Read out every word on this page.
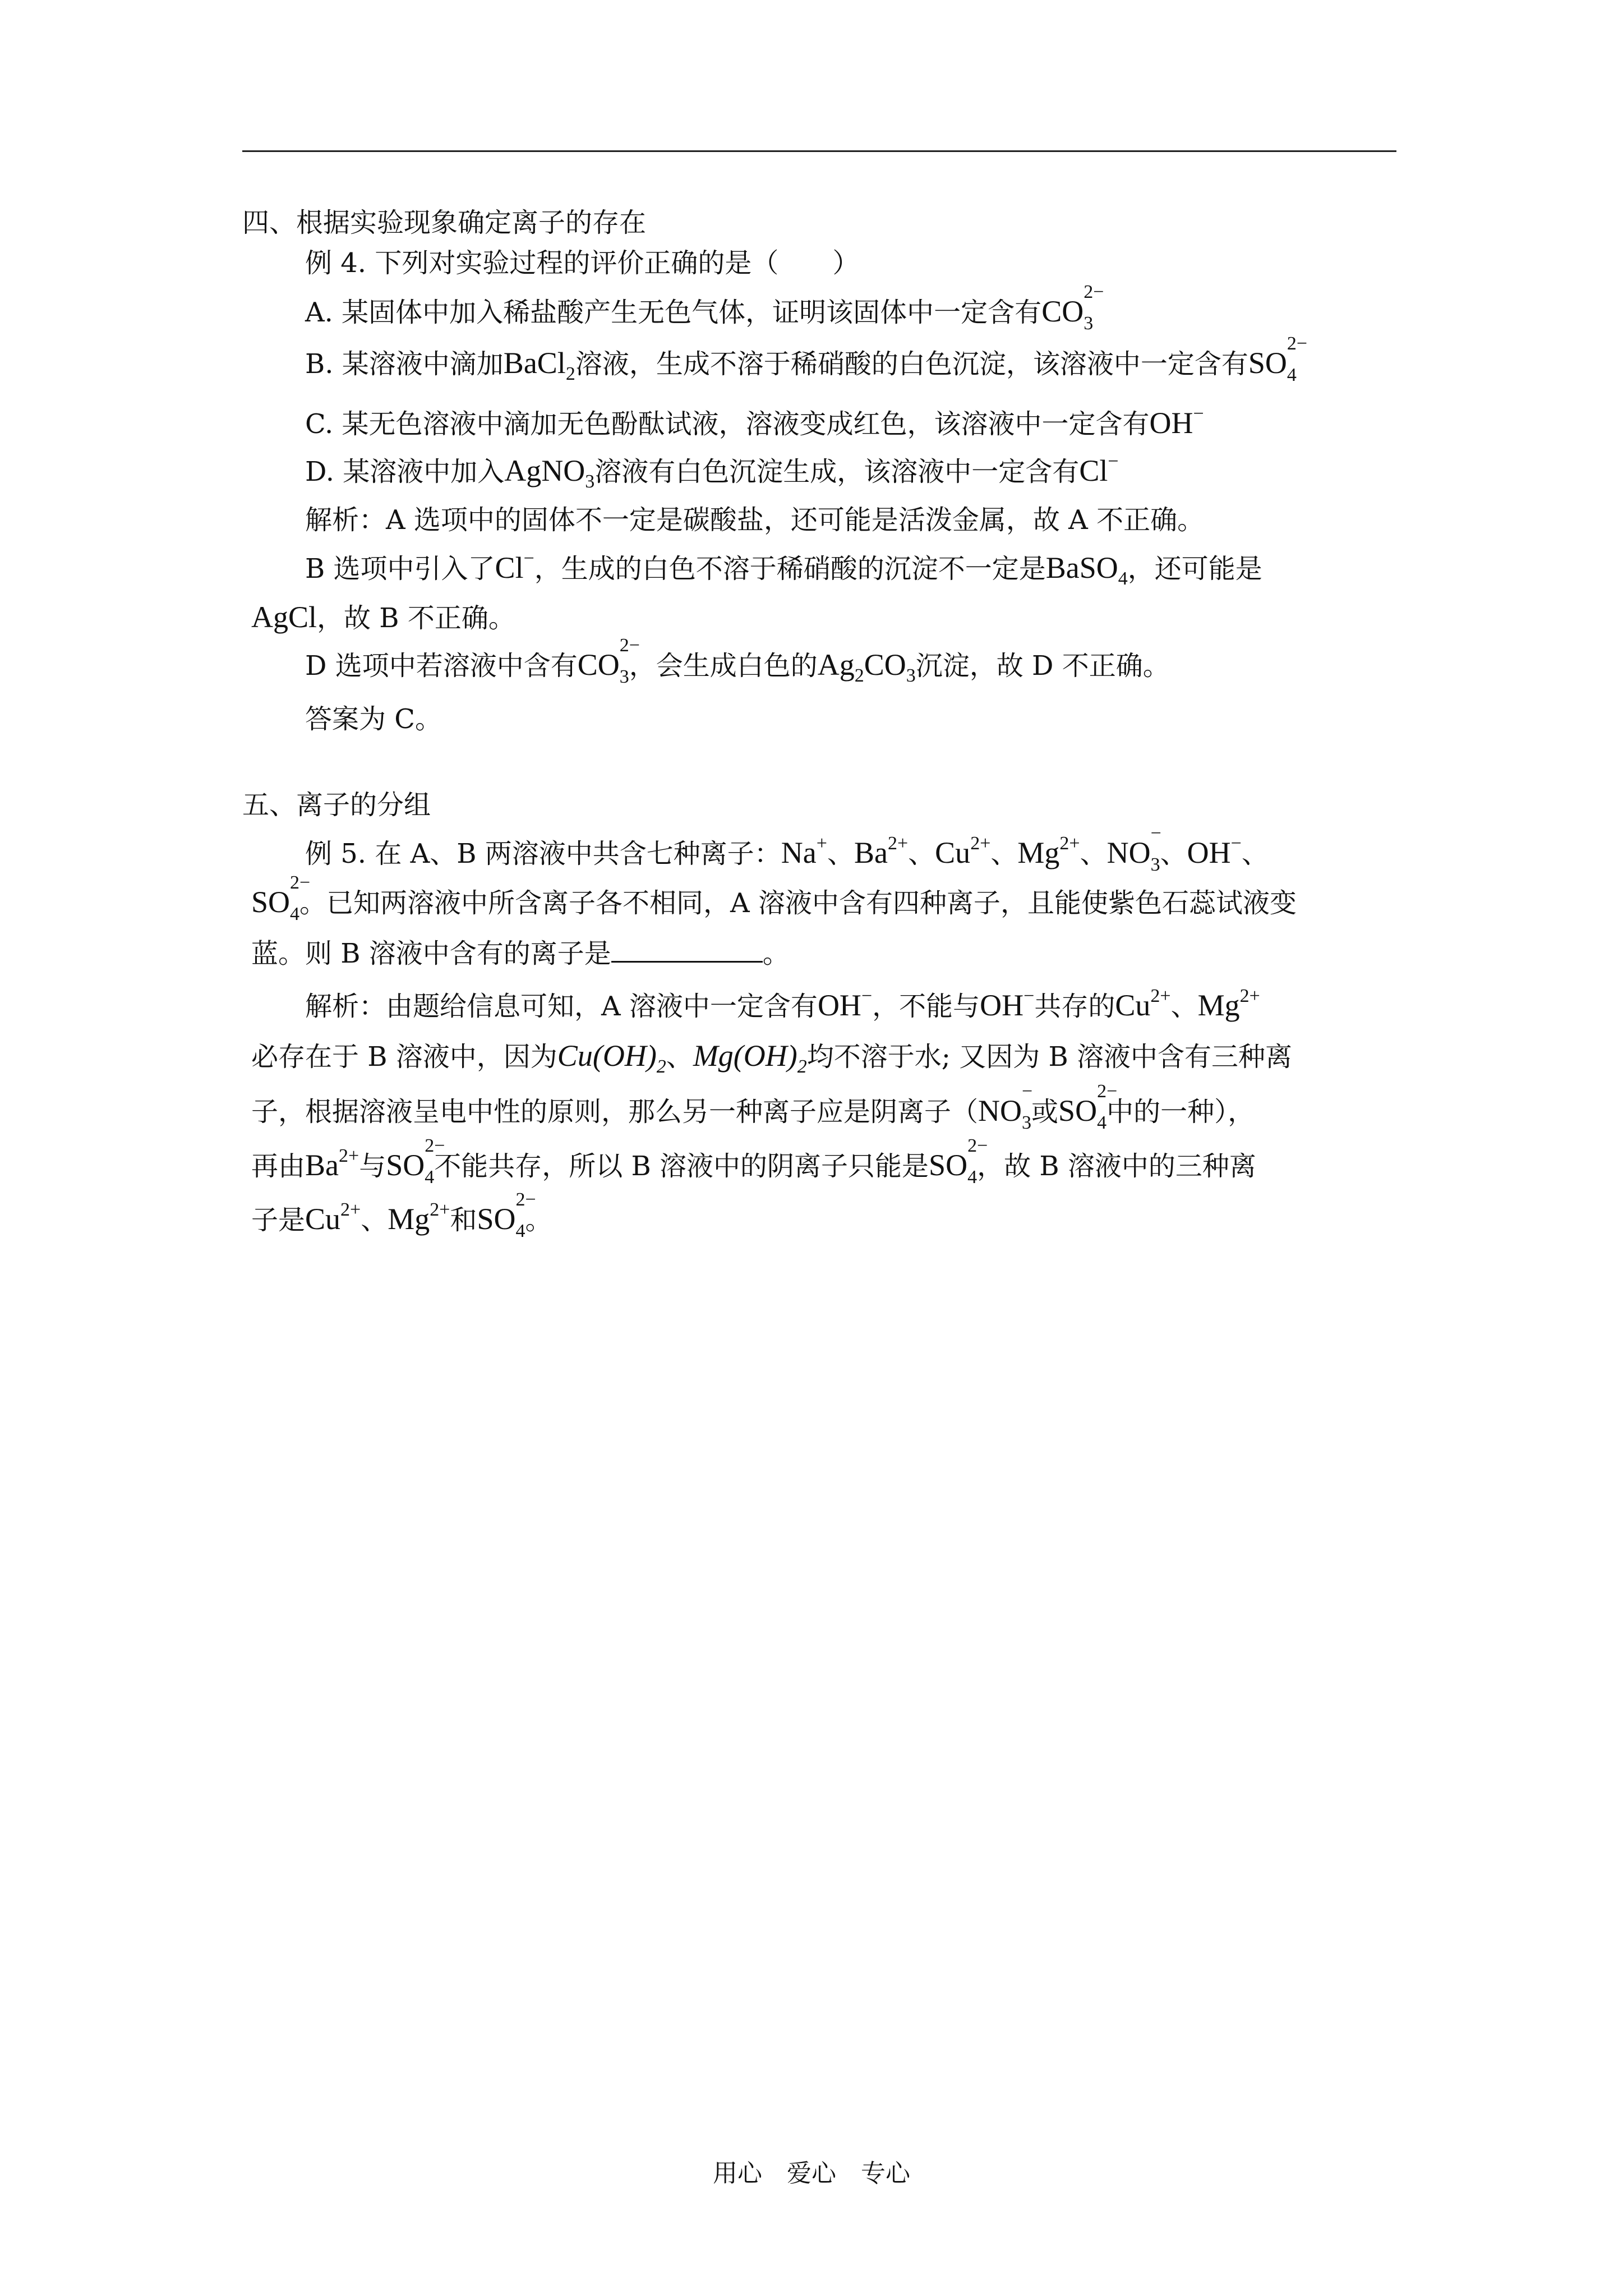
四、根据实验现象确定离子的存在
例 4. 下列对实验过程的评价正确的是（　　）
A. 某固体中加入稀盐酸产生无色气体，证明该固体中一定含有CO
2−
$_3$
B. 某溶液中滴加BaCl$_2$溶液，生成不溶于稀硝酸的白色沉淀，该溶液中一定含有SO
2−
$_4$
C. 某无色溶液中滴加无色酚酞试液，溶液变成红色，该溶液中一定含有OH−
D. 某溶液中加入AgNO$_3$溶液有白色沉淀生成，该溶液中一定含有Cl−
解析：A 选项中的固体不一定是碳酸盐，还可能是活泼金属，故 A 不正确。
B 选项中引入了Cl−，生成的白色不溶于稀硝酸的沉淀不一定是BaSO$_4$，还可能是
AgCl，故 B 不正确。
D 选项中若溶液中含有CO
2−
$_3$，会生成白色的$Ag_2CO_3$沉淀，故 D 不正确。
答案为 C。
五、离子的分组
例 5. 在 A、B 两溶液中共含七种离子：Na+、$Ba^{2+}$、$Cu^{2+}$、$Mg^{2+}$、NO
−
$_3$、OH−、
SO
2−
$_4$。已知两溶液中所含离子各不相同，A 溶液中含有四种离子，且能使紫色石蕊试液变
蓝。则 B 溶液中含有的离子是	。
解析：由题给信息可知，A 溶液中一定含有OH−，不能与OH−共存的$Cu^{2+}$、$Mg^{2+}$
必存在于 B 溶液中，因为$Cu(OH)_2$、$Mg(OH)_2$均不溶于水; 又因为 B 溶液中含有三种离
子，根据溶液呈电中性的原则，那么另一种离子应是阴离子（NO
−
$_3$或SO
2−
$_4$中的一种），
再由$Ba^{2+}$与SO
2−
$_4$不能共存，所以 B 溶液中的阴离子只能是SO
2−
$_4$，故 B 溶液中的三种离
子是$Cu^{2+}$、$Mg^{2+}$和SO
2−
$_4$。
用心　爱心　专心
